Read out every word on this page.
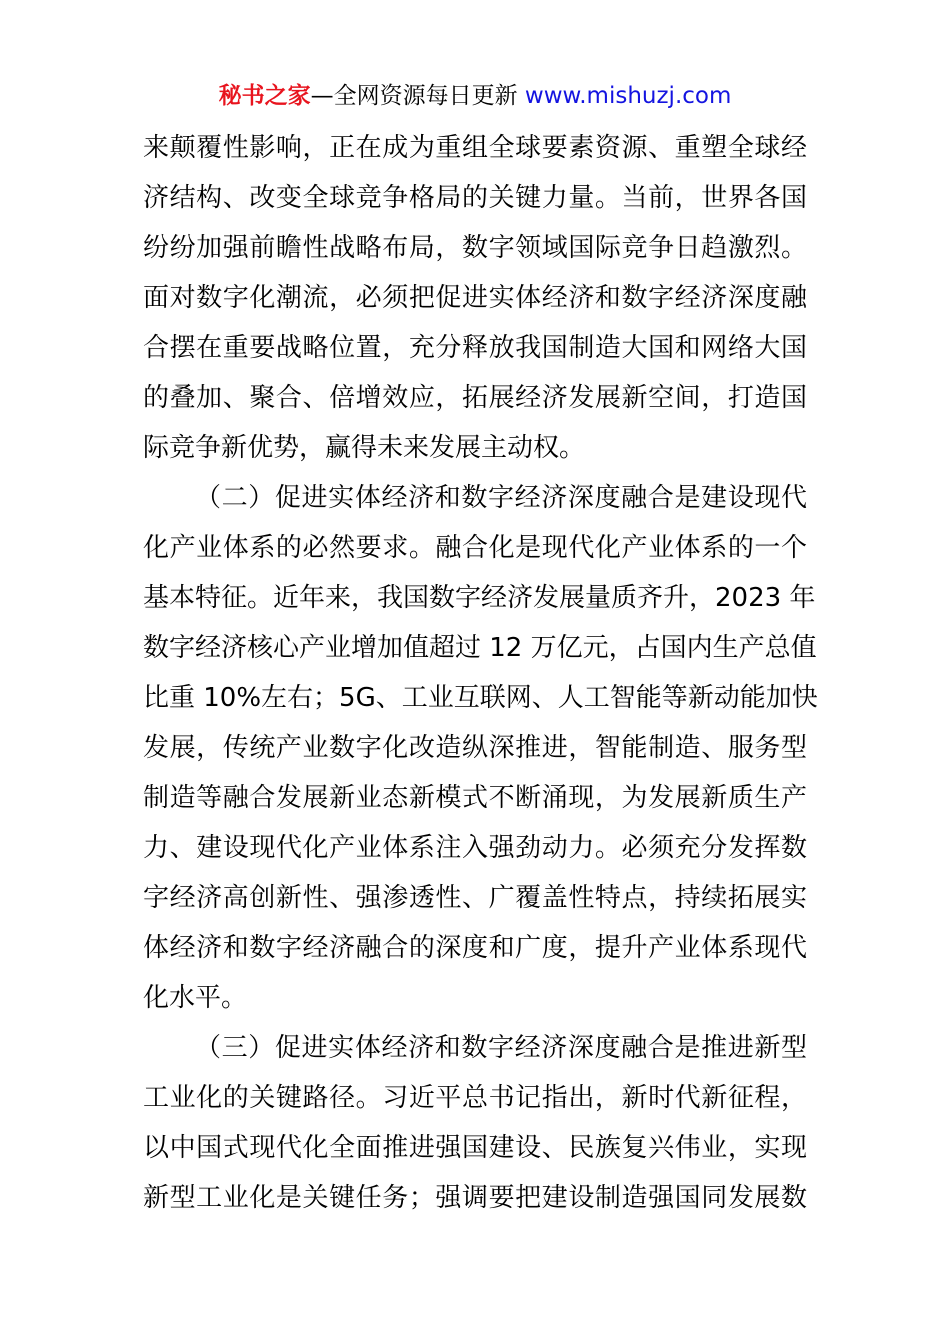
秘书之家—全网资源每日更新 www.mishuzj.com
来颠覆性影响，正在成为重组全球要素资源、重塑全球经
济结构、改变全球竞争格局的关键力量。当前，世界各国
纷纷加强前瞻性战略布局，数字领域国际竞争日趋激烈。
面对数字化潮流，必须把促进实体经济和数字经济深度融
合摆在重要战略位置，充分释放我国制造大国和网络大国
的叠加、聚合、倍增效应，拓展经济发展新空间，打造国
际竞争新优势，赢得未来发展主动权。
（二）促进实体经济和数字经济深度融合是建设现代
化产业体系的必然要求。融合化是现代化产业体系的一个
基本特征。近年来，我国数字经济发展量质齐升，2023 年
数字经济核心产业增加值超过 12 万亿元，占国内生产总值
比重 10%左右；5G、工业互联网、人工智能等新动能加快
发展，传统产业数字化改造纵深推进，智能制造、服务型
制造等融合发展新业态新模式不断涌现，为发展新质生产
力、建设现代化产业体系注入强劲动力。必须充分发挥数
字经济高创新性、强渗透性、广覆盖性特点，持续拓展实
体经济和数字经济融合的深度和广度，提升产业体系现代
化水平。
（三）促进实体经济和数字经济深度融合是推进新型
工业化的关键路径。习近平总书记指出，新时代新征程，
以中国式现代化全面推进强国建设、民族复兴伟业，实现
新型工业化是关键任务；强调要把建设制造强国同发展数
